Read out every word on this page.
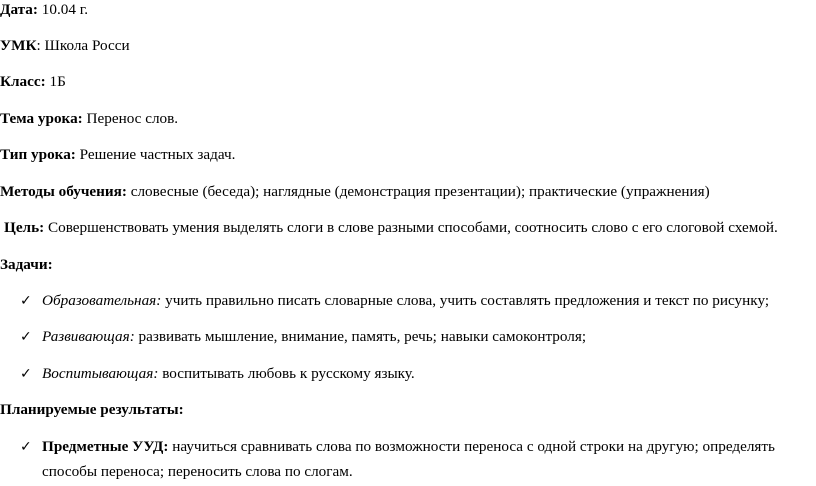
Дата: 10.04 г.
УМК: Школа Росси
Класс: 1Б
Тема урока: Перенос слов.
Тип урока: Решение частных задач.
Методы обучения: словесные (беседа); наглядные (демонстрация презентации); практические (упражнения)
Цель: Совершенствовать умения выделять слоги в слове разными способами, соотносить слово с его слоговой схемой.
Задачи:
✓ Образовательная: учить правильно писать словарные слова, учить составлять предложения и текст по рисунку;
✓ Развивающая: развивать мышление, внимание, память, речь; навыки самоконтроля;
✓ Воспитывающая: воспитывать любовь к русскому языку.
Планируемые результаты:
✓ Предметные УУД: научиться сравнивать слова по возможности переноса с одной строки на другую; определять
способы переноса; переносить слова по слогам.
